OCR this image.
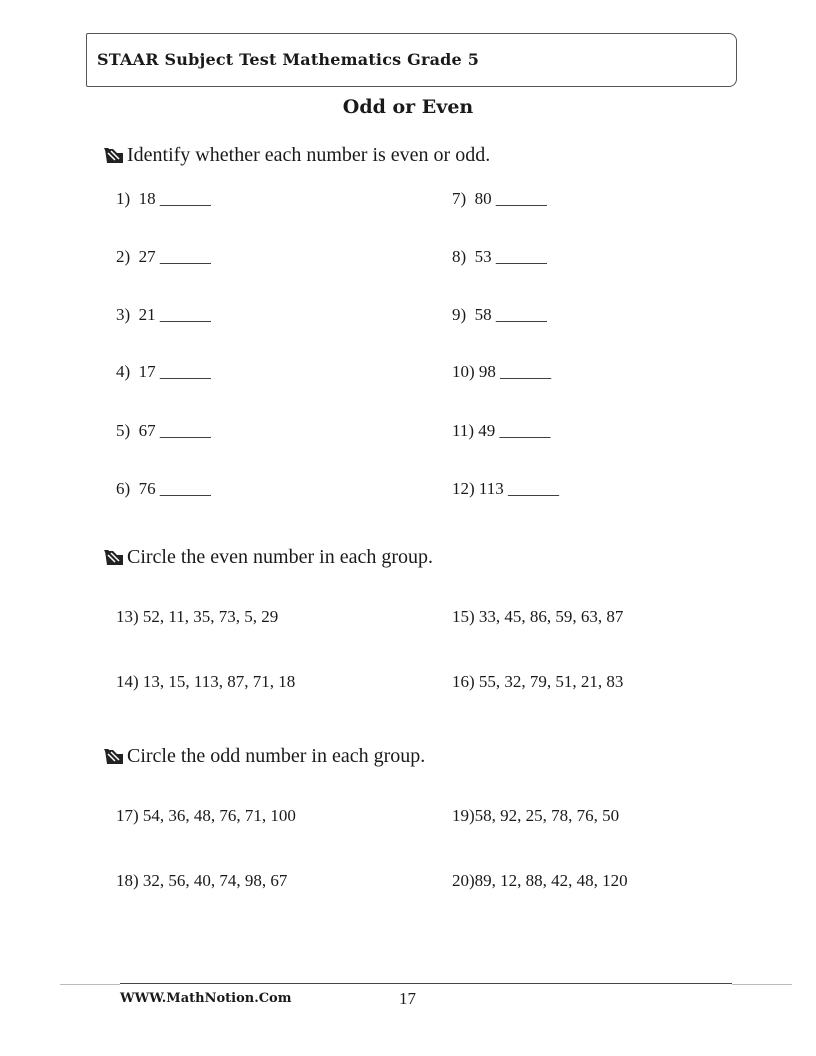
STAAR Subject Test Mathematics Grade 5
Odd or Even
Identify whether each number is even or odd.
1)  18 ______
2)  27 ______
3)  21 ______
4)  17 ______
5)  67 ______
6)  76 ______
7)  80 ______
8)  53 ______
9)  58 ______
10) 98 ______
11) 49 ______
12) 113 ______
Circle the even number in each group.
13) 52, 11, 35, 73, 5, 29
14) 13, 15, 113, 87, 71, 18
15) 33, 45, 86, 59, 63, 87
16) 55, 32, 79, 51, 21, 83
Circle the odd number in each group.
17) 54, 36, 48, 76, 71, 100
18) 32, 56, 40, 74, 98, 67
19)58, 92, 25, 78, 76, 50
20)89, 12, 88, 42, 48, 120
WWW.MathNotion.Com	17
